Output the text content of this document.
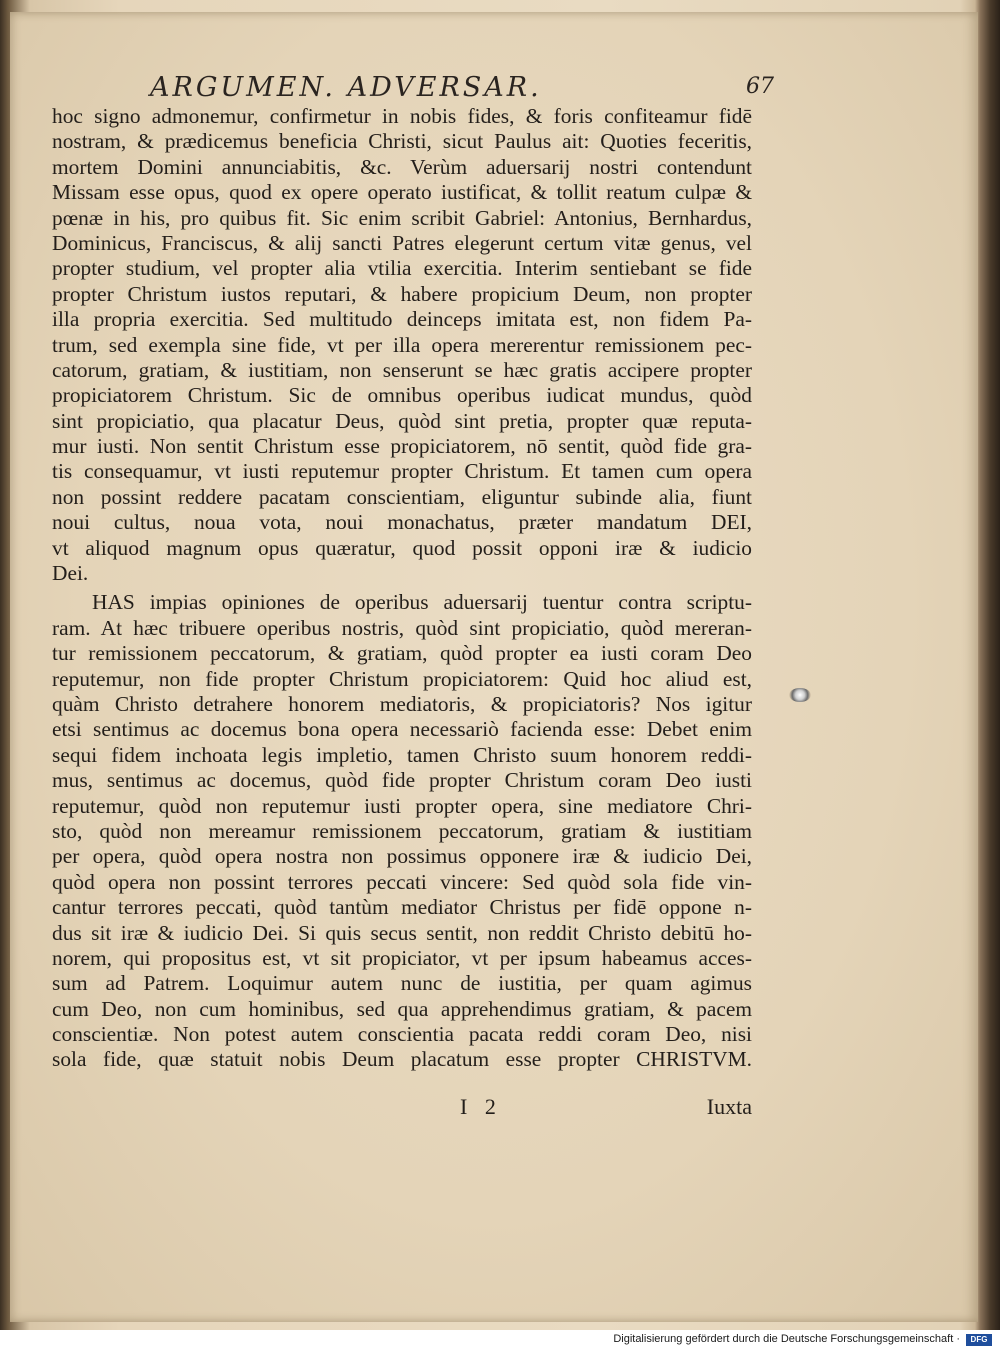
ARGUMEN. ADVERSAR.	67
hoc signo admonemur, confirmetur in nobis fides, & foris confiteamur fidē
nostram, & prædicemus beneficia Christi, sicut Paulus ait: Quoties feceritis,
mortem Domini annunciabitis, &c. Verùm aduersarij nostri contendunt
Missam esse opus, quod ex opere operato iustificat, & tollit reatum culpæ &
pœnæ in his, pro quibus fit. Sic enim scribit Gabriel: Antonius, Bernhardus,
Dominicus, Franciscus, & alij sancti Patres elegerunt certum vitæ genus, vel
propter studium, vel propter alia vtilia exercitia. Interim sentiebant se fide
propter Christum iustos reputari, & habere propicium Deum, non propter
illa propria exercitia. Sed multitudo deinceps imitata est, non fidem Pa-
trum, sed exempla sine fide, vt per illa opera mererentur remissionem pec-
catorum, gratiam, & iustitiam, non senserunt se hæc gratis accipere propter
propiciatorem Christum. Sic de omnibus operibus iudicat mundus, quòd
sint propiciatio, qua placatur Deus, quòd sint pretia, propter quæ reputa-
mur iusti. Non sentit Christum esse propiciatorem, nō sentit, quòd fide gra-
tis consequamur, vt iusti reputemur propter Christum. Et tamen cum opera
non possint reddere pacatam conscientiam, eliguntur subinde alia, fiunt
noui cultus, noua vota, noui monachatus, præter mandatum DEI,
vt aliquod magnum opus quæratur, quod possit opponi iræ & iudicio
Dei.
HAS impias opiniones de operibus aduersarij tuentur contra scriptu-
ram. At hæc tribuere operibus nostris, quòd sint propiciatio, quòd mereran-
tur remissionem peccatorum, & gratiam, quòd propter ea iusti coram Deo
reputemur, non fide propter Christum propiciatorem: Quid hoc aliud est,
quàm Christo detrahere honorem mediatoris, & propiciatoris? Nos igitur
etsi sentimus ac docemus bona opera necessariò facienda esse: Debet enim
sequi fidem inchoata legis impletio, tamen Christo suum honorem reddi-
mus, sentimus ac docemus, quòd fide propter Christum coram Deo iusti
reputemur, quòd non reputemur iusti propter opera, sine mediatore Chri-
sto, quòd non mereamur remissionem peccatorum, gratiam & iustitiam
per opera, quòd opera nostra non possimus opponere iræ & iudicio Dei,
quòd opera non possint terrores peccati vincere: Sed quòd sola fide vin-
cantur terrores peccati, quòd tantùm mediator Christus per fidē oppone n-
dus sit iræ & iudicio Dei. Si quis secus sentit, non reddit Christo debitū ho-
norem, qui propositus est, vt sit propiciator, vt per ipsum habeamus acces-
sum ad Patrem. Loquimur autem nunc de iustitia, per quam agimus
cum Deo, non cum hominibus, sed qua apprehendimus gratiam, & pacem
conscientiæ. Non potest autem conscientia pacata reddi coram Deo, nisi
sola fide, quæ statuit nobis Deum placatum esse propter CHRISTVM.
I 2	Iuxta
Digitalisierung gefördert durch die Deutsche Forschungsgemeinschaft ·	DFG
